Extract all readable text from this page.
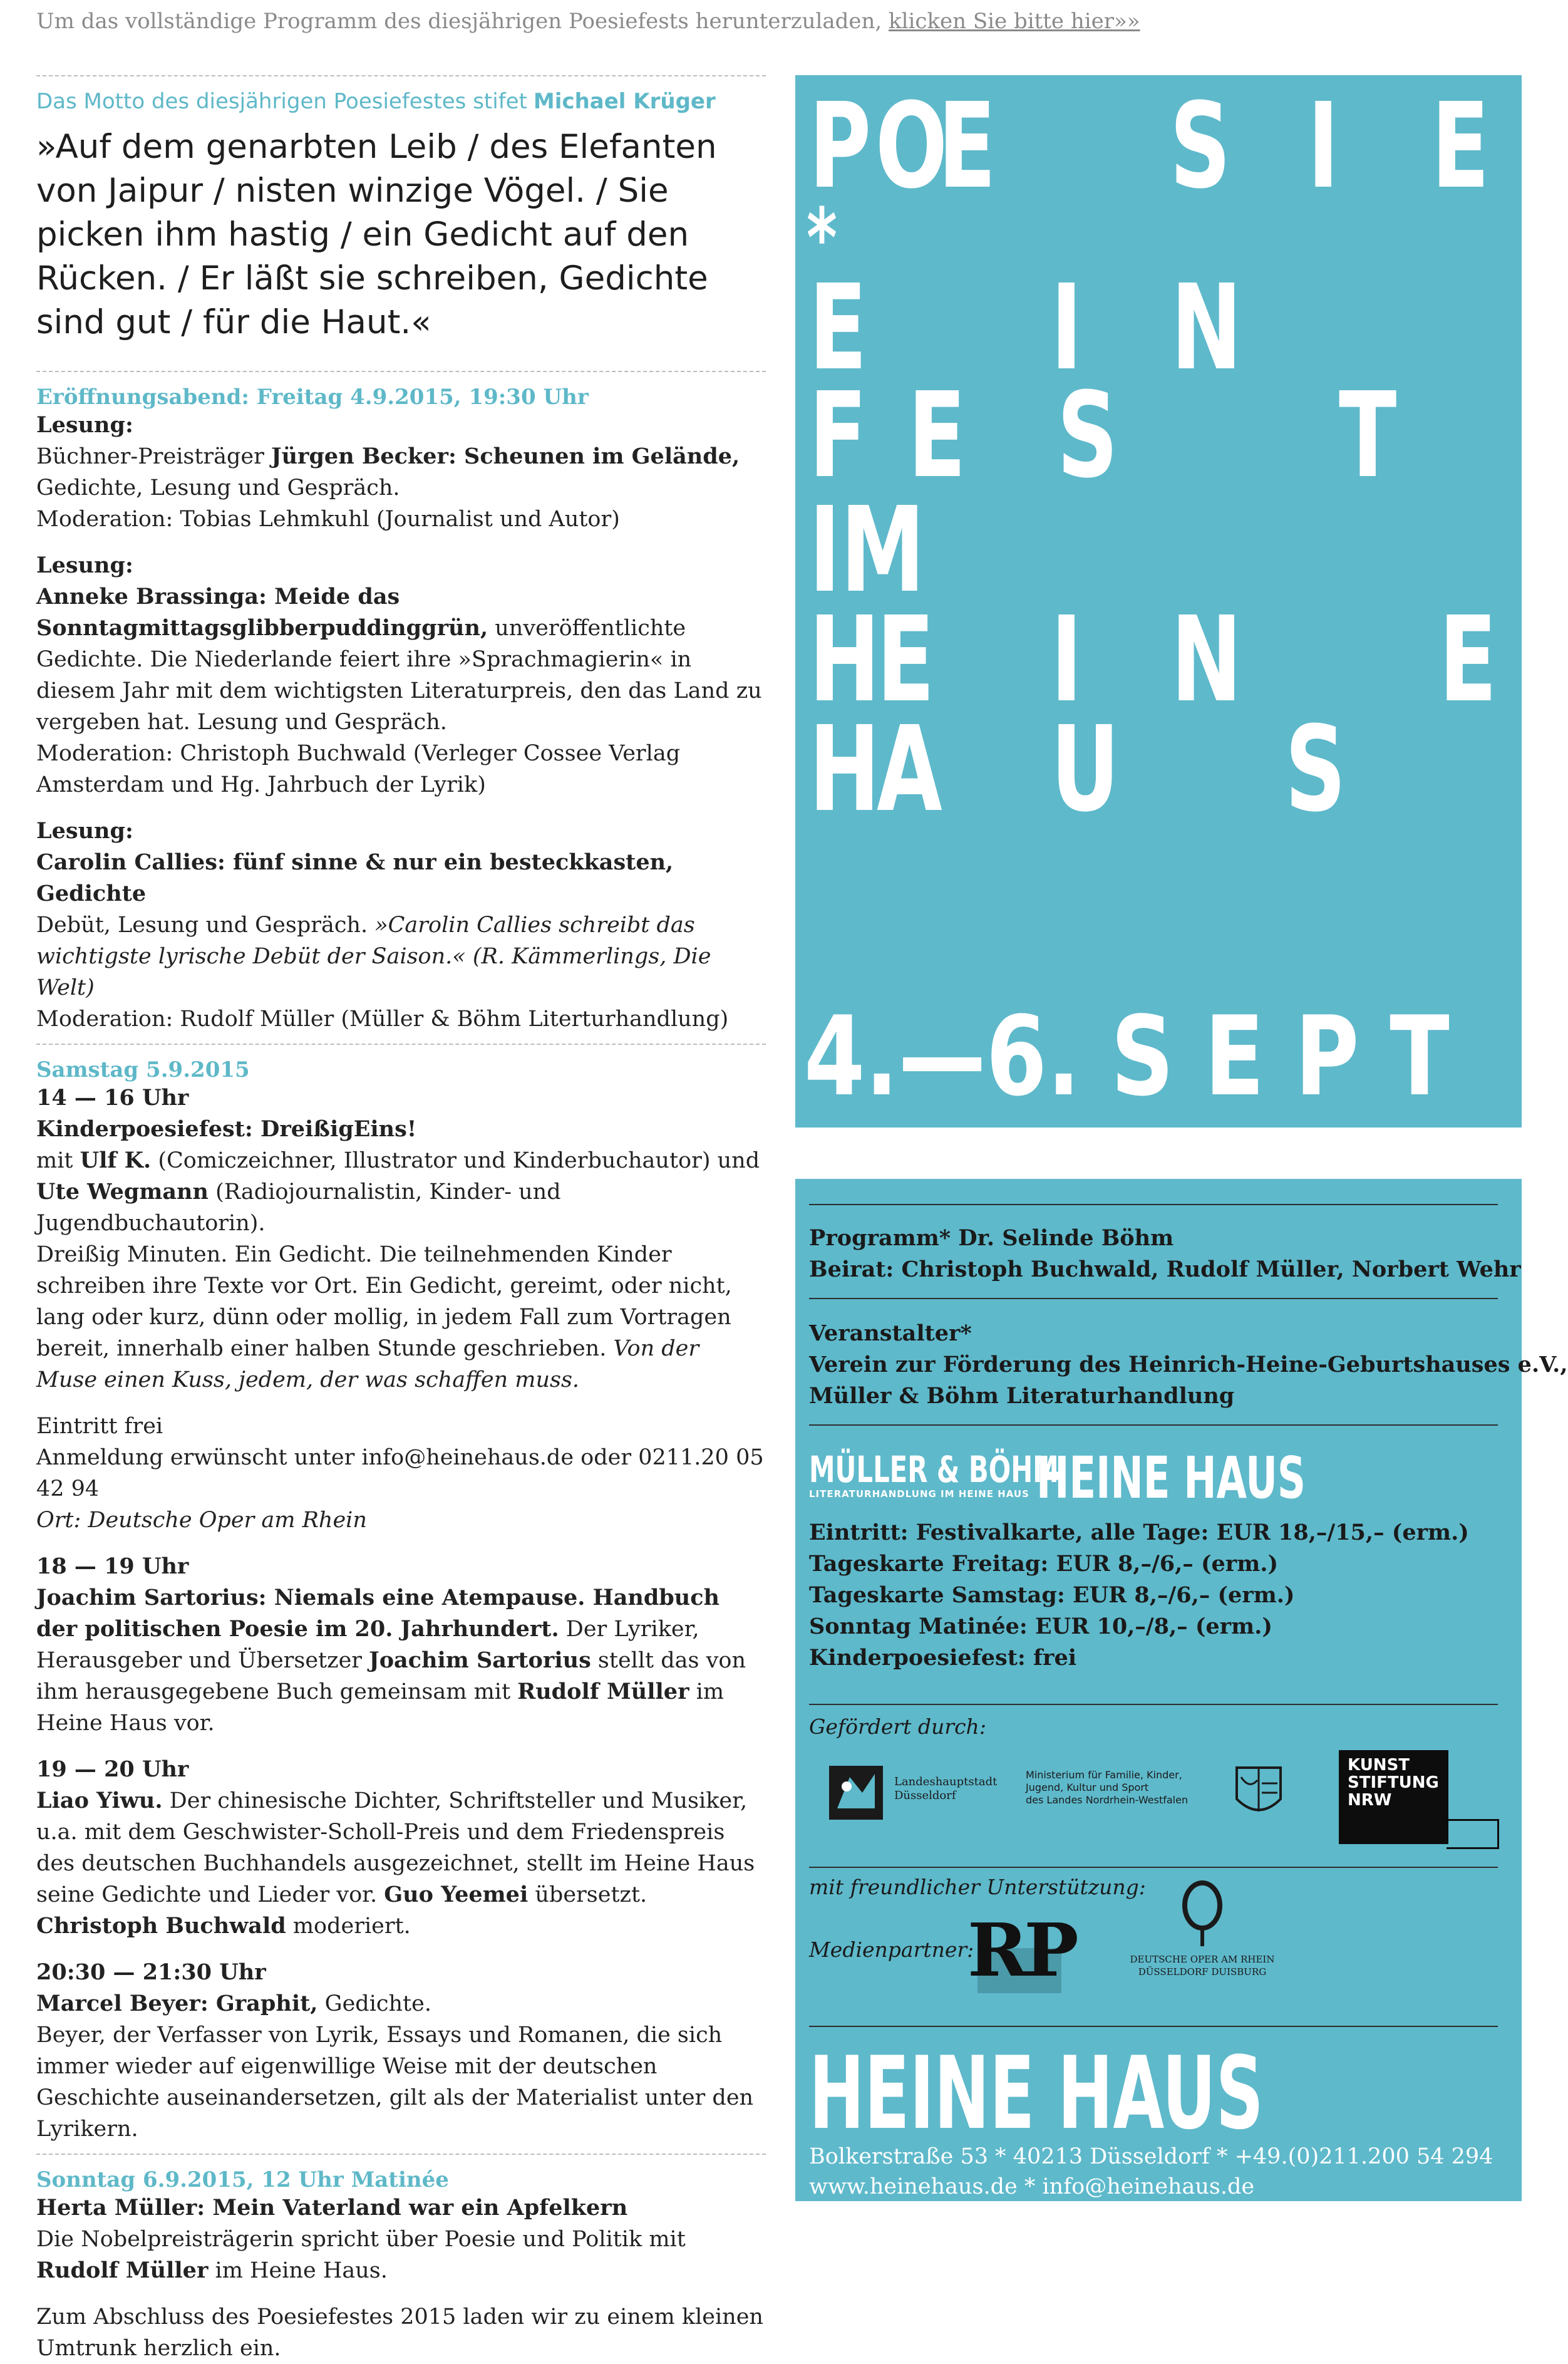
Um das vollständige Programm des diesjährigen Poesiefests herunterzuladen, klicken Sie bitte hier»»
Das Motto des diesjährigen Poesiefestes stifet Michael Krüger
»Auf dem genarbten Leib / des Elefanten von Jaipur / nisten winzige Vögel. / Sie picken ihm hastig / ein Gedicht auf den Rücken. / Er läßt sie schreiben, Gedichte sind gut / für die Haut.«
Eröffnungsabend: Freitag 4.9.2015, 19:30 Uhr
Lesung:
Büchner-Preisträger Jürgen Becker: Scheunen im Gelände, Gedichte, Lesung und Gespräch.
Moderation: Tobias Lehmkuhl (Journalist und Autor)
Lesung:
Anneke Brassinga: Meide das Sonntagmittagsglibberpuddinggrün, unveröffentlichte Gedichte. Die Niederlande feiert ihre »Sprachmagierin« in diesem Jahr mit dem wichtigsten Literaturpreis, den das Land zu vergeben hat. Lesung und Gespräch.
Moderation: Christoph Buchwald (Verleger Cossee Verlag Amsterdam und Hg. Jahrbuch der Lyrik)
Lesung:
Carolin Callies: fünf sinne & nur ein besteckkasten, Gedichte
Debüt, Lesung und Gespräch. »Carolin Callies schreibt das wichtigste lyrische Debüt der Saison.« (R. Kämmerlings, Die Welt)
Moderation: Rudolf Müller (Müller & Böhm Literturhandlung)
Samstag 5.9.2015
14 — 16 Uhr
Kinderpoesiefest: DreißigEins!
mit Ulf K. (Comiczeichner, Illustrator und Kinderbuchautor) und
Ute Wegmann (Radiojournalistin, Kinder- und Jugendbuchautorin).
Dreißig Minuten. Ein Gedicht. Die teilnehmenden Kinder schreiben ihre Texte vor Ort. Ein Gedicht, gereimt, oder nicht, lang oder kurz, dünn oder mollig, in jedem Fall zum Vortragen bereit, innerhalb einer halben Stunde geschrieben. Von der Muse einen Kuss, jedem, der was schaffen muss.
Eintritt frei
Anmeldung erwünscht unter info@heinehaus.de oder 0211.20 05 42 94
Ort: Deutsche Oper am Rhein
18 — 19 Uhr
Joachim Sartorius: Niemals eine Atempause. Handbuch der politischen Poesie im 20. Jahrhundert. Der Lyriker, Herausgeber und Übersetzer Joachim Sartorius stellt das von ihm herausgegebene Buch gemeinsam mit Rudolf Müller im Heine Haus vor.
19 — 20 Uhr
Liao Yiwu. Der chinesische Dichter, Schriftsteller und Musiker, u.a. mit dem Geschwister-Scholl-Preis und dem Friedenspreis des deutschen Buchhandels ausgezeichnet, stellt im Heine Haus seine Gedichte und Lieder vor. Guo Yeemei übersetzt. Christoph Buchwald moderiert.
20:30 — 21:30 Uhr
Marcel Beyer: Graphit, Gedichte.
Beyer, der Verfasser von Lyrik, Essays und Romanen, die sich immer wieder auf eigenwillige Weise mit der deutschen Geschichte auseinandersetzen, gilt als der Materialist unter den Lyrikern.
Sonntag 6.9.2015, 12 Uhr Matinée
Herta Müller: Mein Vaterland war ein Apfelkern
Die Nobelpreisträgerin spricht über Poesie und Politik mit
Rudolf Müller im Heine Haus.
Zum Abschluss des Poesiefestes 2015 laden wir zu einem kleinen Umtrunk herzlich ein.
P O
E S I E
*
E I N
F E S T
IM
H
E I N E
H
A U S
4.—6. S E P T
Programm* Dr. Selinde Böhm
Beirat: Christoph Buchwald, Rudolf Müller, Norbert Wehr
Veranstalter*
Verein zur Förderung des Heinrich-Heine-Geburtshauses e.V.,
Müller & Böhm Literaturhandlung
MÜLLER & BÖHM
LITERATURHANDLUNG IM HEINE HAUS HEINE HAUS
Eintritt: Festivalkarte, alle Tage: EUR 18,–/15,– (erm.)
Tageskarte Freitag: EUR 8,–/6,– (erm.)
Tageskarte Samstag: EUR 8,–/6,– (erm.)
Sonntag Matinée: EUR 10,–/8,– (erm.)
Kinderpoesiefest: frei
Gefördert durch:
Landeshauptstadt
Düsseldorf
Ministerium für Familie, Kinder,
Jugend, Kultur und Sport
des Landes Nordrhein-Westfalen
KUNST
STIFTUNG
NRW
mit freundlicher Unterstützung:
Medienpartner:
RP	DEUTSCHE OPER AM RHEIN
DÜSSELDORF DUISBURG
HEINE HAUS
Bolkerstraße 53 * 40213 Düsseldorf * +49.(0)211.200 54 294
www.heinehaus.de * info@heinehaus.de
